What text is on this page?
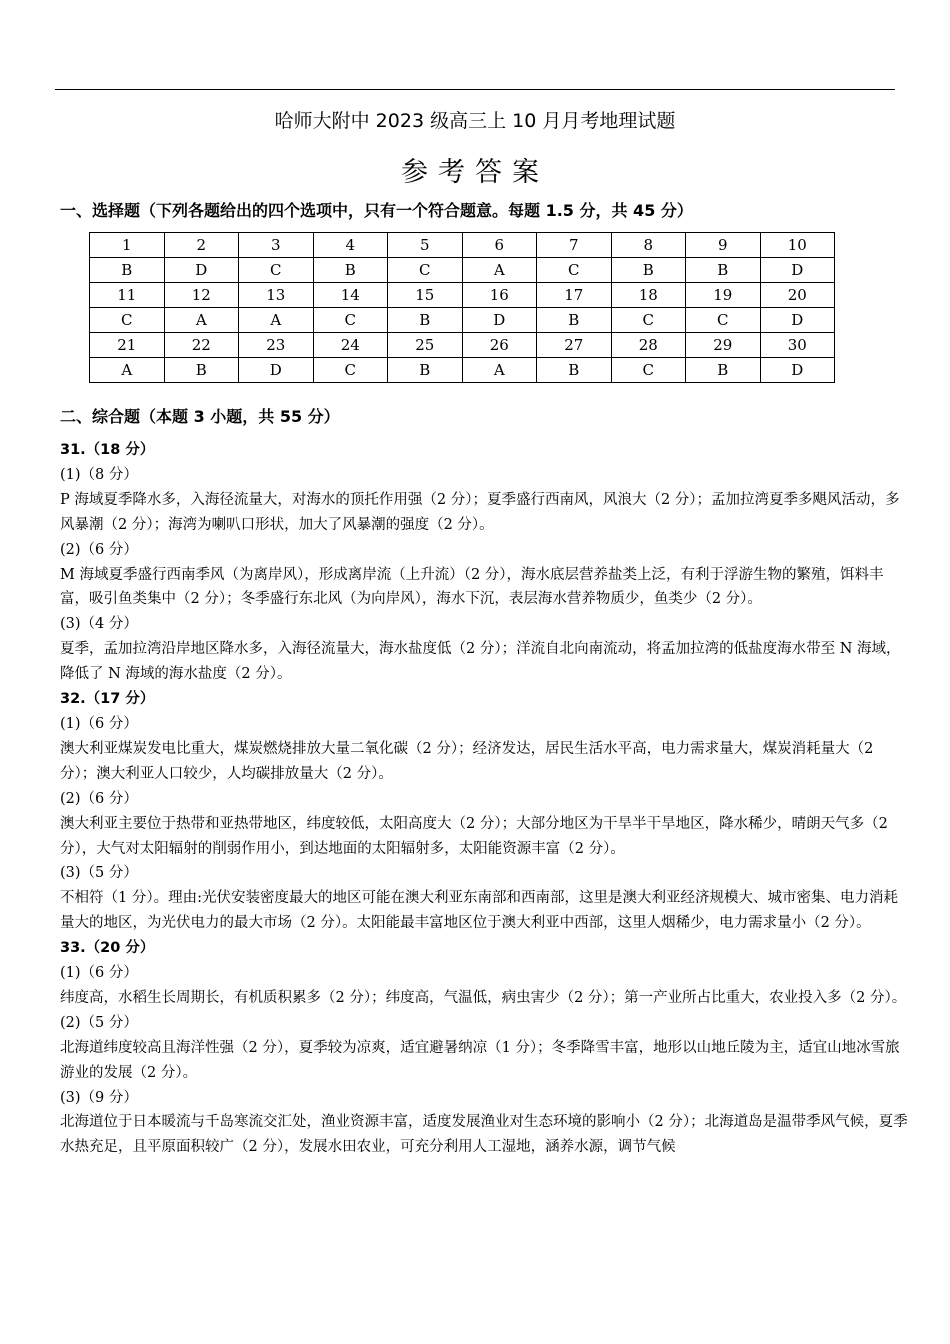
哈师大附中 2023 级高三上 10 月月考地理试题
参考答案
一、选择题（下列各题给出的四个选项中，只有一个符合题意。每题 1.5 分，共 45 分）
1	2	3	4	5	6	7	8	9	10
B	D	C	B	C	A	C	B	B	D
11	12	13	14	15	16	17	18	19	20
C	A	A	C	B	D	B	C	C	D
21	22	23	24	25	26	27	28	29	30
A	B	D	C	B	A	B	C	B	D
二、综合题（本题 3 小题，共 55 分）

31.（18 分）

(1)（8 分）

P 海域夏季降水多，入海径流量大，对海水的顶托作用强（2 分）；夏季盛行西南风，风浪大（2 分）；孟加拉湾夏季多飓风活动，多风暴潮（2 分）；海湾为喇叭口形状，加大了风暴潮的强度（2 分）。

(2)（6 分）

M 海域夏季盛行西南季风（为离岸风），形成离岸流（上升流）（2 分），海水底层营养盐类上泛，有利于浮游生物的繁殖，饵料丰富，吸引鱼类集中（2 分）；冬季盛行东北风（为向岸风），海水下沉，表层海水营养物质少，鱼类少（2 分）。

(3)（4 分）

夏季，孟加拉湾沿岸地区降水多，入海径流量大，海水盐度低（2 分）；洋流自北向南流动，将孟加拉湾的低盐度海水带至 N 海域，降低了 N 海域的海水盐度（2 分）。

32.（17 分）

(1)（6 分）

澳大利亚煤炭发电比重大，煤炭燃烧排放大量二氧化碳（2 分）；经济发达，居民生活水平高，电力需求量大，煤炭消耗量大（2 分）；澳大利亚人口较少，人均碳排放量大（2 分）。

(2)（6 分）

澳大利亚主要位于热带和亚热带地区，纬度较低，太阳高度大（2 分）；大部分地区为干旱半干旱地区，降水稀少，晴朗天气多（2 分），大气对太阳辐射的削弱作用小，到达地面的太阳辐射多，太阳能资源丰富（2 分）。

(3)（5 分）

不相符（1 分）。理由:光伏安装密度最大的地区可能在澳大利亚东南部和西南部，这里是澳大利亚经济规模大、城市密集、电力消耗量大的地区，为光伏电力的最大市场（2 分）。太阳能最丰富地区位于澳大利亚中西部，这里人烟稀少，电力需求量小（2 分）。

33.（20 分）

(1)（6 分）

纬度高，水稻生长周期长，有机质积累多（2 分）；纬度高，气温低，病虫害少（2 分）；第一产业所占比重大，农业投入多（2 分）。

(2)（5 分）

北海道纬度较高且海洋性强（2 分），夏季较为凉爽，适宜避暑纳凉（1 分）；冬季降雪丰富，地形以山地丘陵为主，适宜山地冰雪旅游业的发展（2 分）。

(3)（9 分）

北海道位于日本暖流与千岛寒流交汇处，渔业资源丰富，适度发展渔业对生态环境的影响小（2 分）；北海道岛是温带季风气候，夏季水热充足，且平原面积较广（2 分），发展水田农业，可充分利用人工湿地，涵养水源，调节气候
